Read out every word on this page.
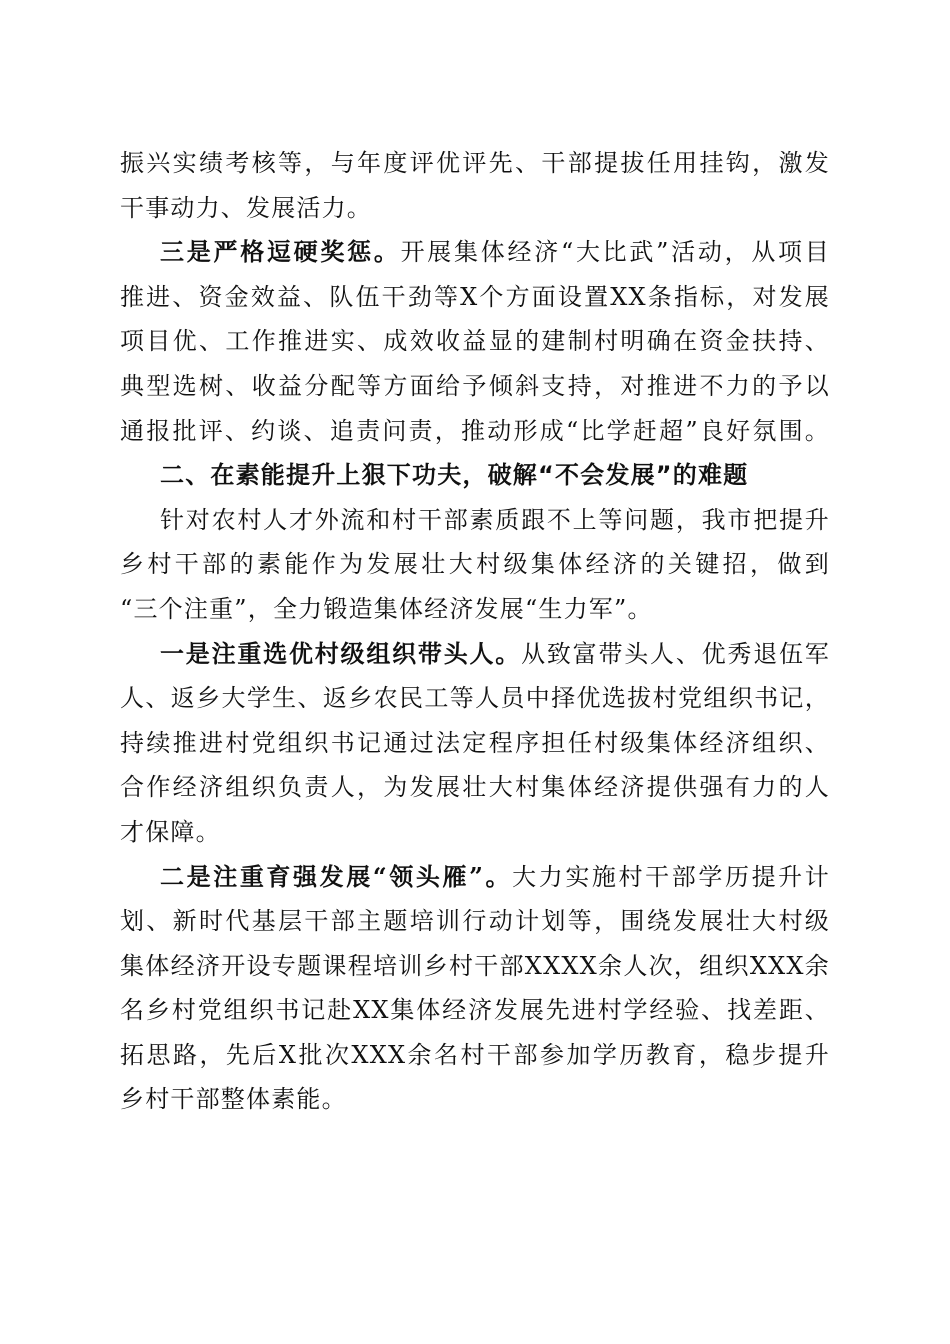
振兴实绩考核等，与年度评优评先、干部提拔任用挂钩，激发
干事动力、发展活力。
三是严格逗硬奖惩。开展集体经济“大比武”活动，从项目
推进、资金效益、队伍干劲等X个方面设置XX条指标，对发展
项目优、工作推进实、成效收益显的建制村明确在资金扶持、
典型选树、收益分配等方面给予倾斜支持，对推进不力的予以
通报批评、约谈、追责问责，推动形成“比学赶超”良好氛围。
二、在素能提升上狠下功夫，破解“不会发展”的难题
针对农村人才外流和村干部素质跟不上等问题，我市把提升
乡村干部的素能作为发展壮大村级集体经济的关键招，做到
“三个注重”，全力锻造集体经济发展“生力军”。
一是注重选优村级组织带头人。从致富带头人、优秀退伍军
人、返乡大学生、返乡农民工等人员中择优选拔村党组织书记，
持续推进村党组织书记通过法定程序担任村级集体经济组织、
合作经济组织负责人，为发展壮大村集体经济提供强有力的人
才保障。
二是注重育强发展“领头雁”。大力实施村干部学历提升计
划、新时代基层干部主题培训行动计划等，围绕发展壮大村级
集体经济开设专题课程培训乡村干部XXXX余人次，组织XXX余
名乡村党组织书记赴XX集体经济发展先进村学经验、找差距、
拓思路，先后X批次XXX余名村干部参加学历教育，稳步提升
乡村干部整体素能。
